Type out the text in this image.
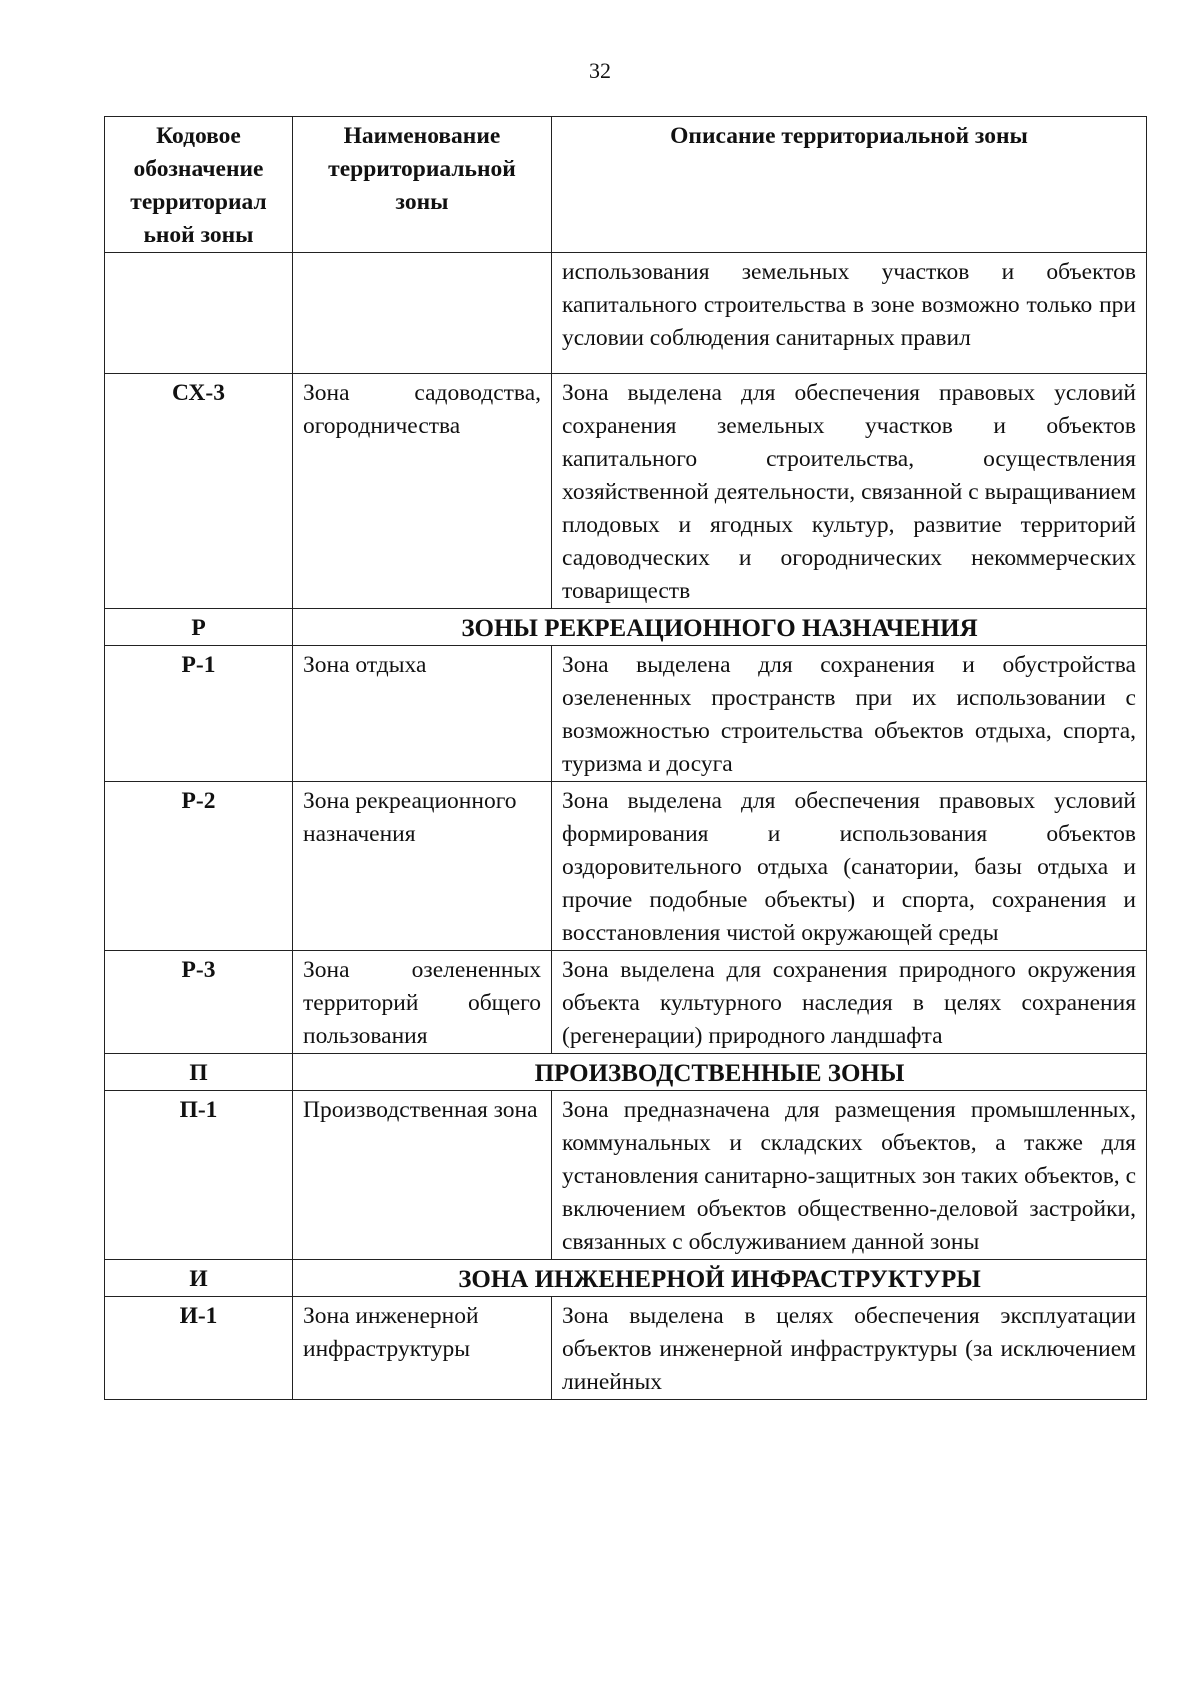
32
Кодовое обозначение территориал ьной зоны	Наименование территориальной зоны	Описание территориальной зоны
		использования земельных участков и объектов капитального строительства в зоне возможно только при условии соблюдения санитарных правил
СХ-3	Зона садоводства, огородничества	Зона выделена для обеспечения правовых условий сохранения земельных участков и объектов капитального строительства, осуществления хозяйственной деятельности, связанной с выращиванием плодовых и ягодных культур, развитие территорий садоводческих и огороднических некоммерческих товариществ
Р	ЗОНЫ РЕКРЕАЦИОННОГО НАЗНАЧЕНИЯ	
Р-1	Зона отдыха	Зона выделена для сохранения и обустройства озелененных пространств при их использовании с возможностью строительства объектов отдыха, спорта, туризма и досуга
Р-2	Зона рекреационного назначения	Зона выделена для обеспечения правовых условий формирования и использования объектов оздоровительного отдыха (санатории, базы отдыха и прочие подобные объекты) и спорта, сохранения и восстановления чистой окружающей среды
Р-3	Зона озелененных территорий общего пользования	Зона выделена для сохранения природного окружения объекта культурного наследия в целях сохранения (регенерации) природного ландшафта
П	ПРОИЗВОДСТВЕННЫЕ ЗОНЫ	
П-1	Производственная зона	Зона предназначена для размещения промышленных, коммунальных и складских объектов, а также для установления санитарно-защитных зон таких объектов, с включением объектов общественно-деловой застройки, связанных с обслуживанием данной зоны
И	ЗОНА ИНЖЕНЕРНОЙ ИНФРАСТРУКТУРЫ	
И-1	Зона инженерной инфраструктуры	Зона выделена в целях обеспечения эксплуатации объектов инженерной инфраструктуры (за исключением линейных
